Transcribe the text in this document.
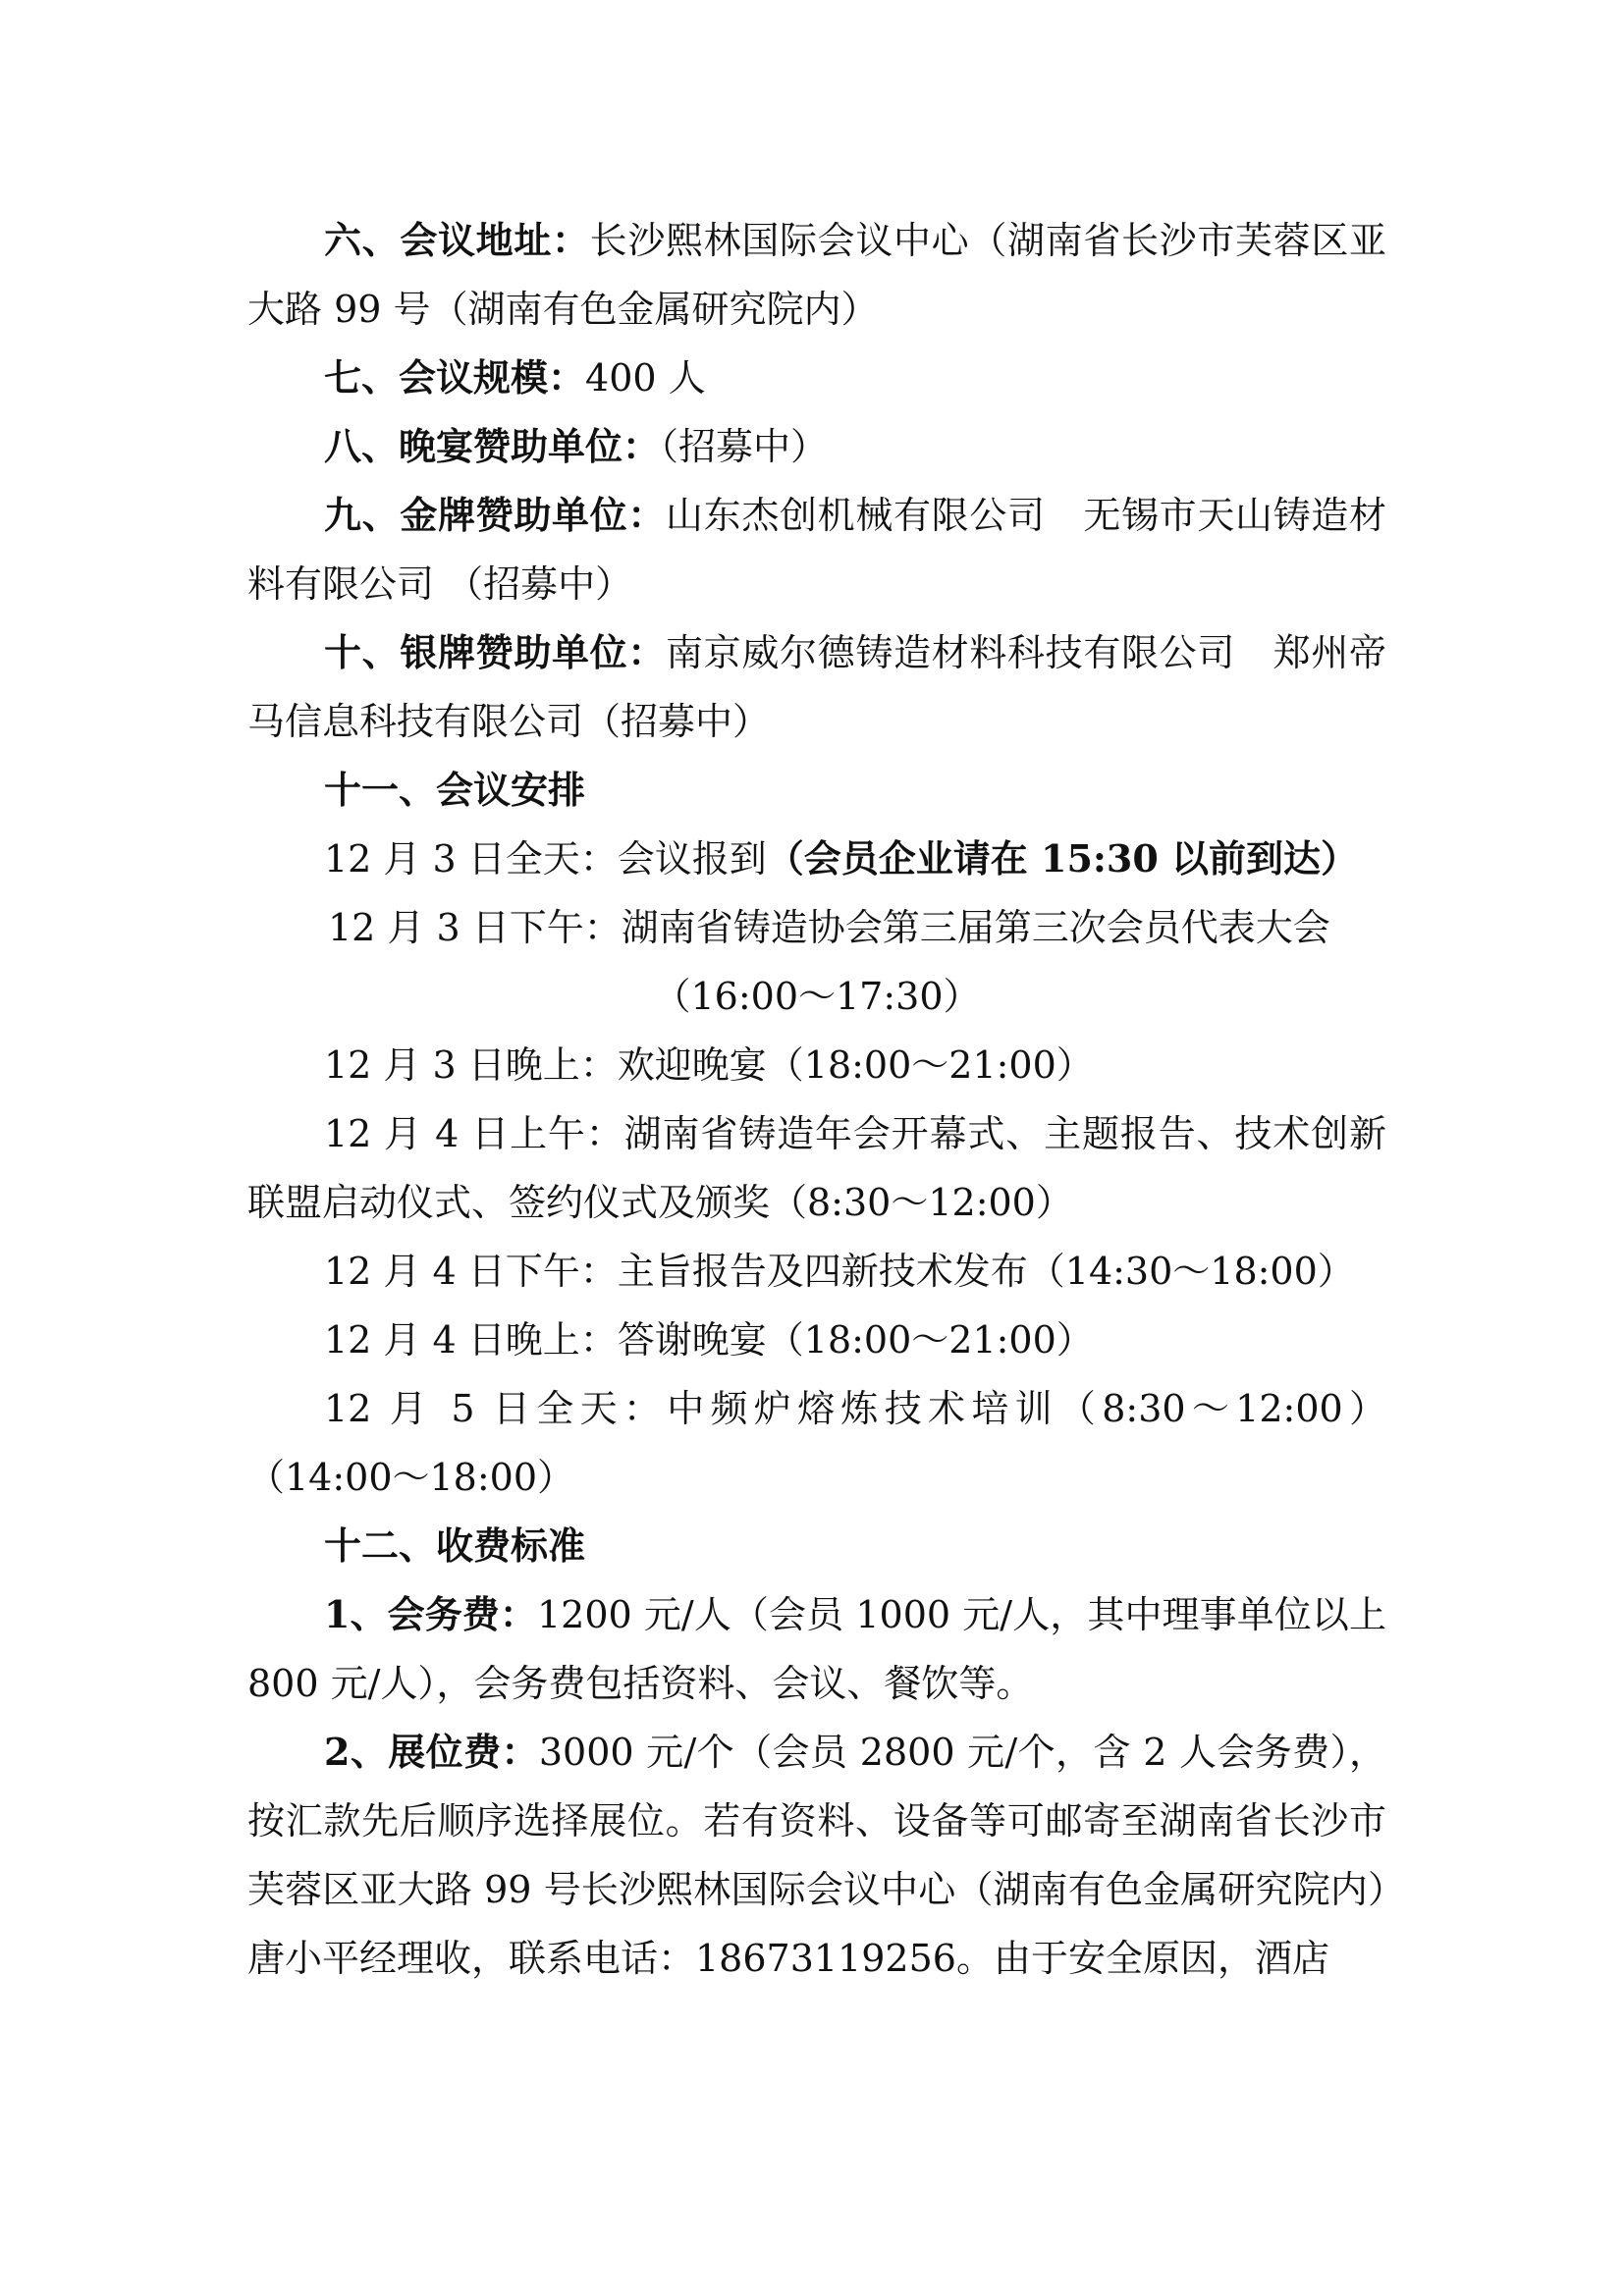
六、会议地址：长沙熙林国际会议中心（湖南省长沙市芙蓉区亚大路 99 号（湖南有色金属研究院内）

七、会议规模：400 人

八、晚宴赞助单位：（招募中）

九、金牌赞助单位：山东杰创机械有限公司　无锡市天山铸造材料有限公司 （招募中）

十、银牌赞助单位：南京威尔德铸造材料科技有限公司　郑州帝马信息科技有限公司（招募中）

十一、会议安排

12 月 3 日全天：会议报到（会员企业请在 15:30 以前到达）

12 月 3 日下午：湖南省铸造协会第三届第三次会员代表大会

（16:00～17:30）

12 月 3 日晚上：欢迎晚宴（18:00～21:00）

12 月 4 日上午：湖南省铸造年会开幕式、主题报告、技术创新联盟启动仪式、签约仪式及颁奖（8:30～12:00）

12 月 4 日下午：主旨报告及四新技术发布（14:30～18:00）

12 月 4 日晚上：答谢晚宴（18:00～21:00）

12 月 5 日全天：中频炉熔炼技术培训（8:30～12:00）

（14:00～18:00）

十二、收费标准

1、会务费：1200 元/人（会员 1000 元/人，其中理事单位以上 800 元/人），会务费包括资料、会议、餐饮等。

2、展位费：3000 元/个（会员 2800 元/个，含 2 人会务费），按汇款先后顺序选择展位。若有资料、设备等可邮寄至湖南省长沙市芙蓉区亚大路 99 号长沙熙林国际会议中心（湖南有色金属研究院内）唐小平经理收，联系电话：18673119256。由于安全原因，酒店
